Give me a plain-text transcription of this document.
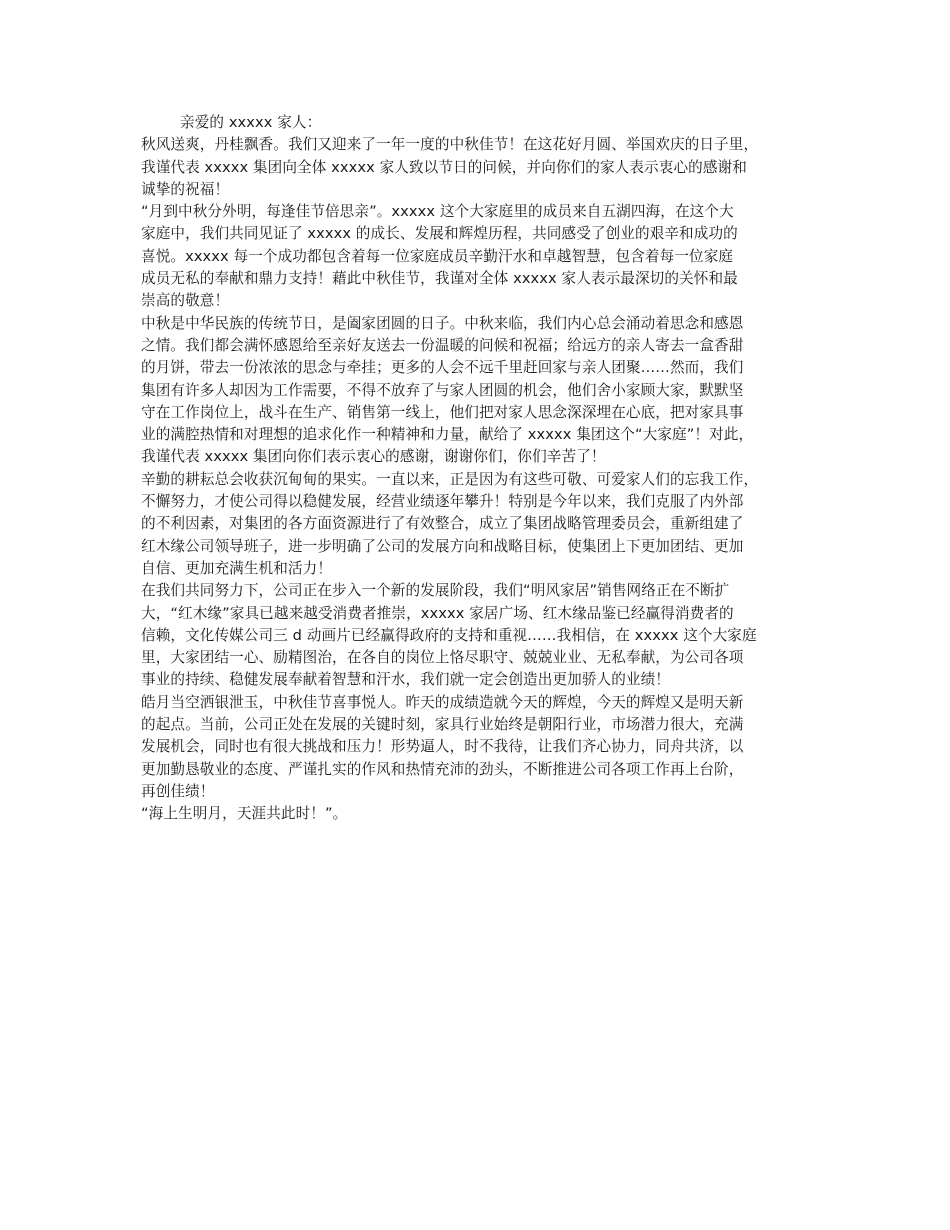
亲爱的 xxxxx 家人：

秋风送爽，丹桂飘香。我们又迎来了一年一度的中秋佳节！在这花好月圆、举国欢庆的日子里，
我谨代表 xxxxx 集团向全体 xxxxx 家人致以节日的问候，并向你们的家人表示衷心的感谢和
诚挚的祝福！
“月到中秋分外明，每逢佳节倍思亲”。xxxxx 这个大家庭里的成员来自五湖四海，在这个大
家庭中，我们共同见证了 xxxxx 的成长、发展和辉煌历程，共同感受了创业的艰辛和成功的
喜悦。xxxxx 每一个成功都包含着每一位家庭成员辛勤汗水和卓越智慧，包含着每一位家庭
成员无私的奉献和鼎力支持！藉此中秋佳节，我谨对全体 xxxxx 家人表示最深切的关怀和最
崇高的敬意！
中秋是中华民族的传统节日，是阖家团圆的日子。中秋来临，我们内心总会涌动着思念和感恩
之情。我们都会满怀感恩给至亲好友送去一份温暖的问候和祝福；给远方的亲人寄去一盒香甜
的月饼，带去一份浓浓的思念与牵挂；更多的人会不远千里赶回家与亲人团聚……然而，我们
集团有许多人却因为工作需要，不得不放弃了与家人团圆的机会，他们舍小家顾大家，默默坚
守在工作岗位上，战斗在生产、销售第一线上，他们把对家人思念深深埋在心底，把对家具事
业的满腔热情和对理想的追求化作一种精神和力量，献给了 xxxxx 集团这个“大家庭”！对此，
我谨代表 xxxxx 集团向你们表示衷心的感谢，谢谢你们，你们辛苦了！
辛勤的耕耘总会收获沉甸甸的果实。一直以来，正是因为有这些可敬、可爱家人们的忘我工作，
不懈努力，才使公司得以稳健发展，经营业绩逐年攀升！特别是今年以来，我们克服了内外部
的不利因素，对集团的各方面资源进行了有效整合，成立了集团战略管理委员会，重新组建了
红木缘公司领导班子，进一步明确了公司的发展方向和战略目标，使集团上下更加团结、更加
自信、更加充满生机和活力！
在我们共同努力下，公司正在步入一个新的发展阶段，我们“明风家居”销售网络正在不断扩
大，“红木缘”家具已越来越受消费者推崇，xxxxx 家居广场、红木缘品鉴已经赢得消费者的
信赖，文化传媒公司三 d 动画片已经赢得政府的支持和重视……我相信，在 xxxxx 这个大家庭
里，大家团结一心、励精图治，在各自的岗位上恪尽职守、兢兢业业、无私奉献，为公司各项
事业的持续、稳健发展奉献着智慧和汗水，我们就一定会创造出更加骄人的业绩！
皓月当空洒银泄玉，中秋佳节喜事悦人。昨天的成绩造就今天的辉煌，今天的辉煌又是明天新
的起点。当前，公司正处在发展的关键时刻，家具行业始终是朝阳行业，市场潜力很大，充满
发展机会，同时也有很大挑战和压力！形势逼人，时不我待，让我们齐心协力，同舟共济，以
更加勤恳敬业的态度、严谨扎实的作风和热情充沛的劲头，不断推进公司各项工作再上台阶，
再创佳绩！

“海上生明月，天涯共此时！”。
